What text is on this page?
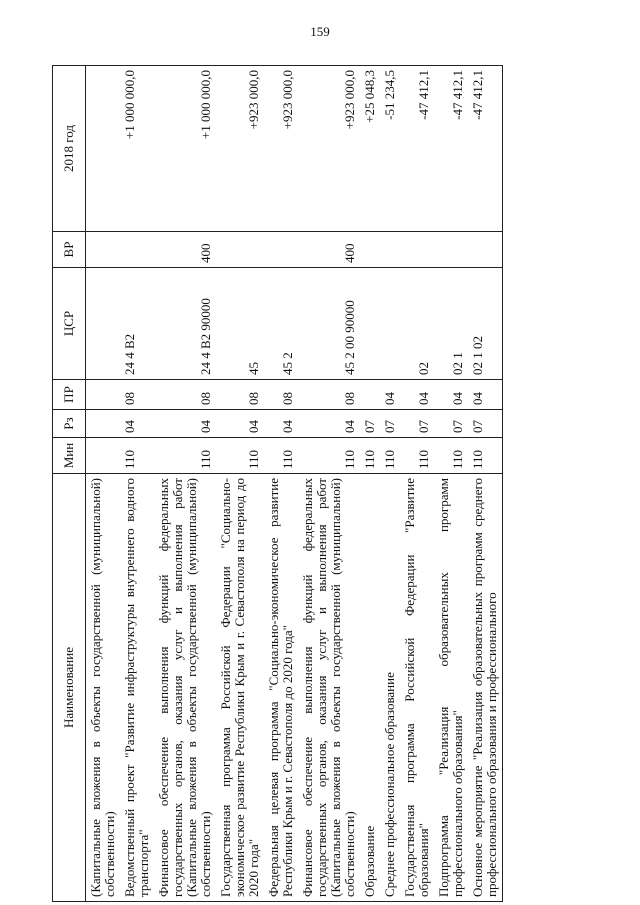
159
Наименование	Мин	Рз	ПР	ЦСР	ВР	2018 год
(Капитальные вложения в объекты государственной (муниципальной) собственности)						
Ведомственный проект "Развитие инфраструктуры внутреннего водного транспорта"	110	04	08	24 4 В2		+1 000 000,0
Финансовое обеспечение выполнения функций федеральных государственных органов, оказания услуг и выполнения работ (Капитальные вложения в объекты государственной (муниципальной) собственности)	110	04	08	24 4 В2 90000	400	+1 000 000,0
Государственная программа Российской Федерации "Социально-экономическое развитие Республики Крым и г. Севастополя на период до 2020 года"	110	04	08	45		+923 000,0
Федеральная целевая программа "Социально-экономическое развитие Республики Крым и г. Севастополя до 2020 года"	110	04	08	45 2		+923 000,0
Финансовое обеспечение выполнения функций федеральных государственных органов, оказания услуг и выполнения работ (Капитальные вложения в объекты государственной (муниципальной) собственности)	110	04	08	45 2 00 90000	400	+923 000,0
Образование	110	07				+25 048,3
Среднее профессиональное образование	110	07	04			-51 234,5
Государственная программа Российской Федерации "Развитие образования"	110	07	04	02		-47 412,1
Подпрограмма "Реализация образовательных программ профессионального образования"	110	07	04	02 1		-47 412,1
Основное мероприятие "Реализация образовательных программ среднего профессионального образования и профессионального	110	07	04	02 1 02		-47 412,1
